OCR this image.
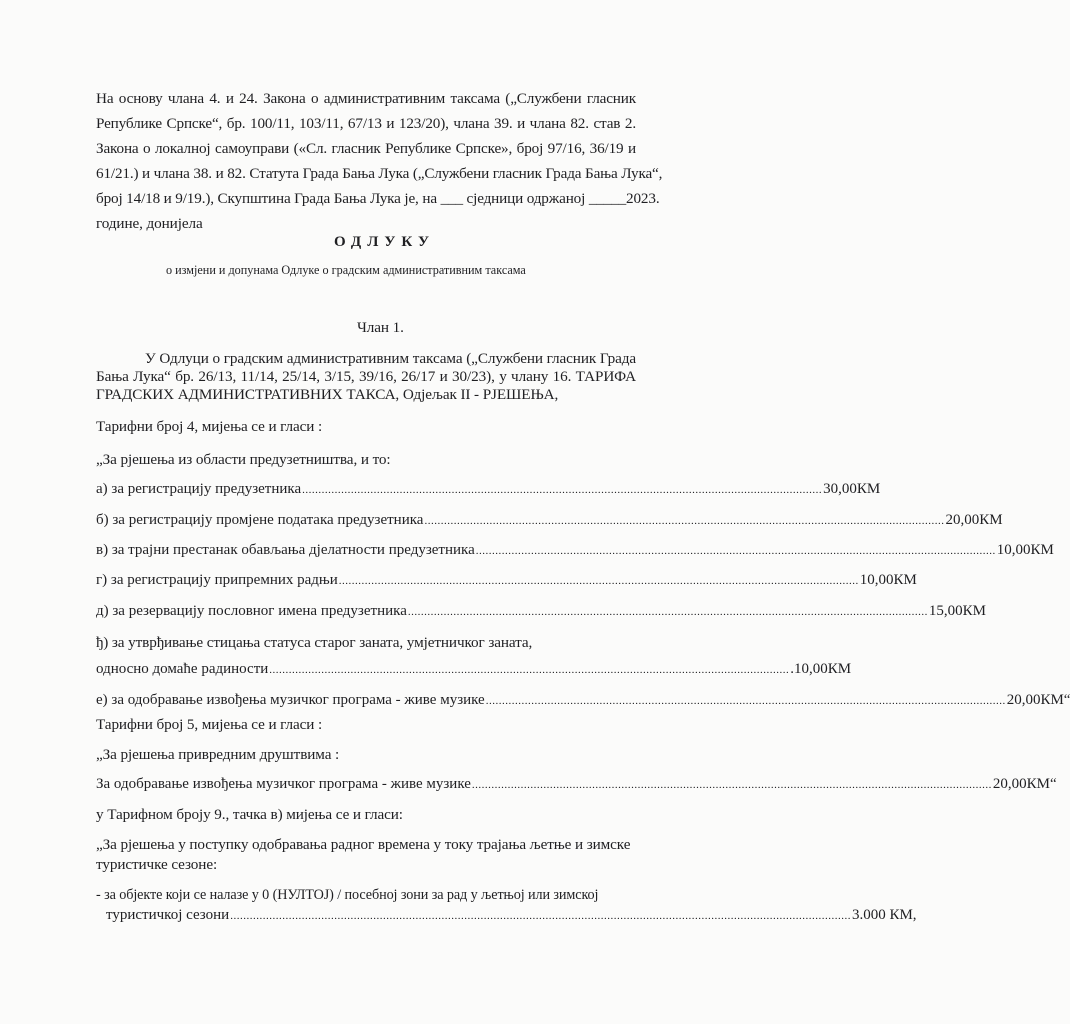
На основу члана 4. и 24. Закона о административним таксама („Службени гласник
Републике Српске“, бр. 100/11, 103/11, 67/13 и 123/20), члана 39. и члана 82. став 2.
Закона о локалној самоуправи («Сл. гласник Републике Српске», број 97/16, 36/19 и
61/21.) и члана 38. и 82. Статута Града Бања Лука („Службени гласник Града Бања Лука“,
број 14/18 и 9/19.), Скупштина Града Бања Лука је, на ___ сједници одржаној _____2023.
године, донијела
ОДЛУКУ
о измјени и допунама Одлуке о градским административним таксама
Члан 1.
У Одлуци о градским административним таксама („Службени гласник Града
Бања Лука“ бр. 26/13, 11/14, 25/14, 3/15, 39/16, 26/17 и 30/23), у члану 16. ТАРИФА
ГРАДСКИХ АДМИНИСТРАТИВНИХ ТАКСА, Одјељак II - РЈЕШЕЊА,
Тарифни број 4, мијења се и гласи :
„За рјешења из области предузетништва, и то:
а) за регистрацију предузетника ................................................................................................................................................................ 30,00КМ
б) за регистрацију промјене података предузетника ................................................................................................................................................................ 20,00КМ
в) за трајни престанак обављања дјелатности предузетника ................................................................................................................................................................ 10,00КМ
г) за регистрацију припремних радњи ................................................................................................................................................................ 10,00КМ
д) за резервацију пословног имена предузетника ................................................................................................................................................................ 15,00КМ
ђ) за утврђивање стицања статуса старог заната, умјетничког заната,
односно домаће радиности ................................................................................................................................................................ .10,00КМ
е) за одобравање извођења музичког програма - живе музике ................................................................................................................................................................ 20,00КМ“
Тарифни број 5, мијења се и гласи :
„За рјешења привредним друштвима :
За одобравање извођења музичког програма - живе музике ................................................................................................................................................................ 20,00КМ“
у Тарифном броју 9., тачка в) мијења се и гласи:
„За рјешења у поступку одобравања радног времена у току трајања љетње и зимске
туристичке сезоне:
- за објекте који се налазе у 0 (НУЛТОЈ) / посебној зони за рад у љетњој или зимској
туристичкој сезони ............................................................................................................................................................................................... 3.000 КМ,
